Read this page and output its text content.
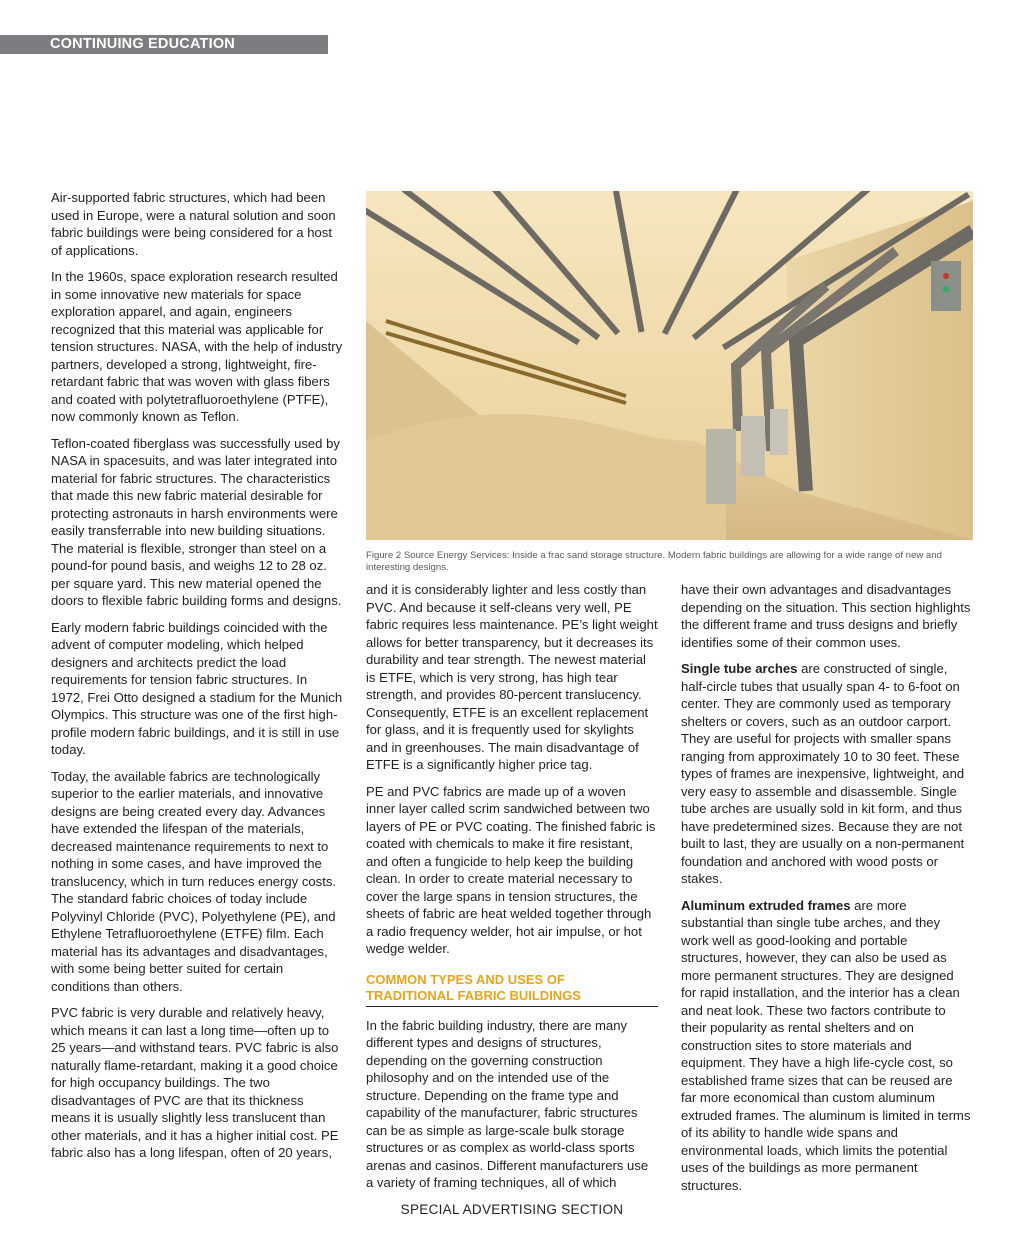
CONTINUING EDUCATION

Air-supported fabric structures, which had been used in Europe, were a natural solution and soon fabric buildings were being considered for a host of applications.

In the 1960s, space exploration research resulted in some innovative new materials for space exploration apparel, and again, engineers recognized that this material was applicable for tension structures. NASA, with the help of industry partners, developed a strong, lightweight, fire-retardant fabric that was woven with glass fibers and coated with polytetrafluoroethylene (PTFE), now commonly known as Teflon.

Teflon-coated fiberglass was successfully used by NASA in spacesuits, and was later integrated into material for fabric structures. The characteristics that made this new fabric material desirable for protecting astronauts in harsh environments were easily transferrable into new building situations. The material is flexible, stronger than steel on a pound-for pound basis, and weighs 12 to 28 oz. per square yard. This new material opened the doors to flexible fabric building forms and designs.

Early modern fabric buildings coincided with the advent of computer modeling, which helped designers and architects predict the load requirements for tension fabric structures. In 1972, Frei Otto designed a stadium for the Munich Olympics. This structure was one of the first high-profile modern fabric buildings, and it is still in use today.

Today, the available fabrics are technologically superior to the earlier materials, and innovative designs are being created every day. Advances have extended the lifespan of the materials, decreased maintenance requirements to next to nothing in some cases, and have improved the translucency, which in turn reduces energy costs. The standard fabric choices of today include Polyvinyl Chloride (PVC), Polyethylene (PE), and Ethylene Tetrafluoroethylene (ETFE) film. Each material has its advantages and disadvantages, with some being better suited for certain conditions than others.

PVC fabric is very durable and relatively heavy, which means it can last a long time—often up to 25 years—and withstand tears. PVC fabric is also naturally flame-retardant, making it a good choice for high occupancy buildings. The two disadvantages of PVC are that its thickness means it is usually slightly less translucent than other materials, and it has a higher initial cost. PE fabric also has a long lifespan, often of 20 years,

Figure 2 Source Energy Services: Inside a frac sand storage structure. Modern fabric buildings are allowing for a wide range of new and interesting designs.

and it is considerably lighter and less costly than PVC. And because it self-cleans very well, PE fabric requires less maintenance. PE’s light weight allows for better transparency, but it decreases its durability and tear strength. The newest material is ETFE, which is very strong, has high tear strength, and provides 80-percent translucency. Consequently, ETFE is an excellent replacement for glass, and it is frequently used for skylights and in greenhouses. The main disadvantage of ETFE is a significantly higher price tag.

PE and PVC fabrics are made up of a woven inner layer called scrim sandwiched between two layers of PE or PVC coating. The finished fabric is coated with chemicals to make it fire resistant, and often a fungicide to help keep the building clean. In order to create material necessary to cover the large spans in tension structures, the sheets of fabric are heat welded together through a radio frequency welder, hot air impulse, or hot wedge welder.

COMMON TYPES AND USES OF
TRADITIONAL FABRIC BUILDINGS

In the fabric building industry, there are many different types and designs of structures, depending on the governing construction philosophy and on the intended use of the structure. Depending on the frame type and capability of the manufacturer, fabric structures can be as simple as large-scale bulk storage structures or as complex as world-class sports arenas and casinos. Different manufacturers use a variety of framing techniques, all of which

have their own advantages and disadvantages depending on the situation. This section highlights the different frame and truss designs and briefly identifies some of their common uses.

Single tube arches are constructed of single, half-circle tubes that usually span 4- to 6-foot on center. They are commonly used as temporary shelters or covers, such as an outdoor carport. They are useful for projects with smaller spans ranging from approximately 10 to 30 feet. These types of frames are inexpensive, lightweight, and very easy to assemble and disassemble. Single tube arches are usually sold in kit form, and thus have predetermined sizes. Because they are not built to last, they are usually on a non-permanent foundation and anchored with wood posts or stakes.

Aluminum extruded frames are more substantial than single tube arches, and they work well as good-looking and portable structures, however, they can also be used as more permanent structures. They are designed for rapid installation, and the interior has a clean and neat look. These two factors contribute to their popularity as rental shelters and on construction sites to store materials and equipment. They have a high life-cycle cost, so established frame sizes that can be reused are far more economical than custom aluminum extruded frames. The aluminum is limited in terms of its ability to handle wide spans and environmental loads, which limits the potential uses of the buildings as more permanent structures.

SPECIAL ADVERTISING SECTION
